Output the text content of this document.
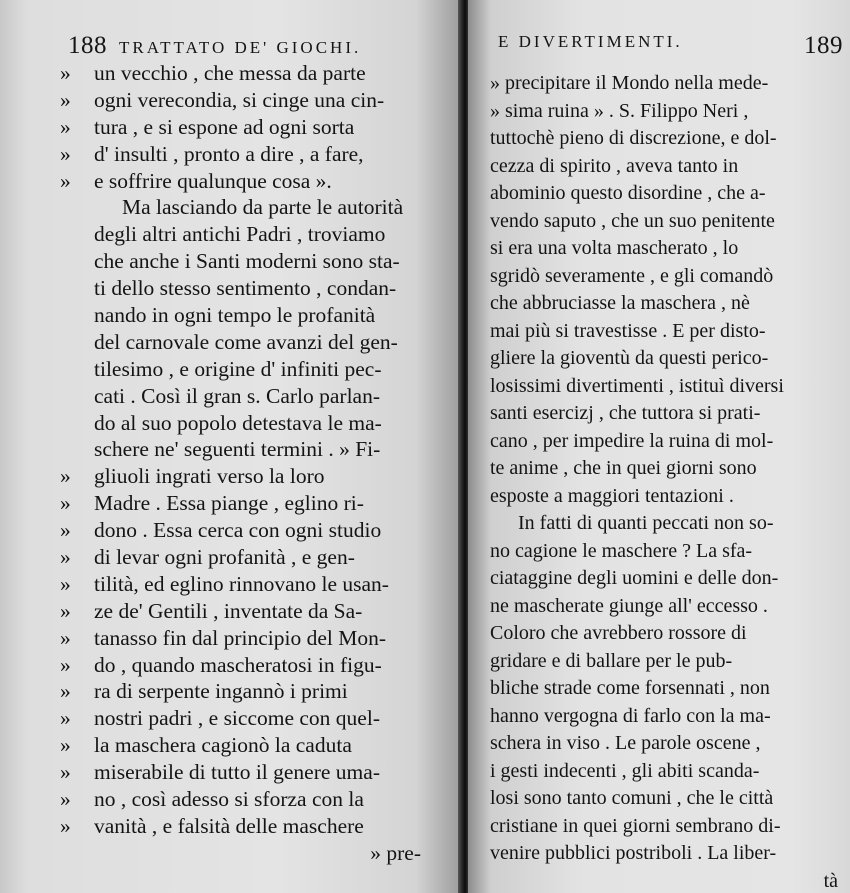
188 TRATTATO DE' GIOCHI.
» un vecchio , che messa da parte
» ogni verecondia, si cinge una cin-
» tura , e si espone ad ogni sorta
» d' insulti , pronto a dire , a fare,
» e soffrire qualunque cosa ».
Ma lasciando da parte le autorità
degli altri antichi Padri , troviamo
che anche i Santi moderni sono sta-
ti dello stesso sentimento , condan-
nando in ogni tempo le profanità
del carnovale come avanzi del gen-
tilesimo , e origine d' infiniti pec-
cati . Così il gran s. Carlo parlan-
do al suo popolo detestava le ma-
schere ne' seguenti termini . » Fi-
» gliuoli ingrati verso la loro
» Madre . Essa piange , eglino ri-
» dono . Essa cerca con ogni studio
» di levar ogni profanità , e gen-
» tilità, ed eglino rinnovano le usan-
» ze de' Gentili , inventate da Sa-
» tanasso fin dal principio del Mon-
» do , quando mascheratosi in figu-
» ra di serpente ingannò i primi
» nostri padri , e siccome con quel-
» la maschera cagionò la caduta
» miserabile di tutto il genere uma-
» no , così adesso si sforza con la
» vanità , e falsità delle maschere
» pre-
E DIVERTIMENTI.	189
» precipitare il Mondo nella mede-
» sima ruina » . S. Filippo Neri ,
tuttochè pieno di discrezione, e dol-
cezza di spirito , aveva tanto in
abominio questo disordine , che a-
vendo saputo , che un suo penitente
si era una volta mascherato , lo
sgridò severamente , e gli comandò
che abbruciasse la maschera , nè
mai più si travestisse . E per disto-
gliere la gioventù da questi perico-
losissimi divertimenti , istituì diversi
santi esercizj , che tuttora si prati-
cano , per impedire la ruina di mol-
te anime , che in quei giorni sono
esposte a maggiori tentazioni .
In fatti di quanti peccati non so-
no cagione le maschere ? La sfa-
ciataggine degli uomini e delle don-
ne mascherate giunge all' eccesso .
Coloro che avrebbero rossore di
gridare e di ballare per le pub-
bliche strade come forsennati , non
hanno vergogna di farlo con la ma-
schera in viso . Le parole oscene ,
i gesti indecenti , gli abiti scanda-
losi sono tanto comuni , che le città
cristiane in quei giorni sembrano di-
venire pubblici postriboli . La liber-
tà
